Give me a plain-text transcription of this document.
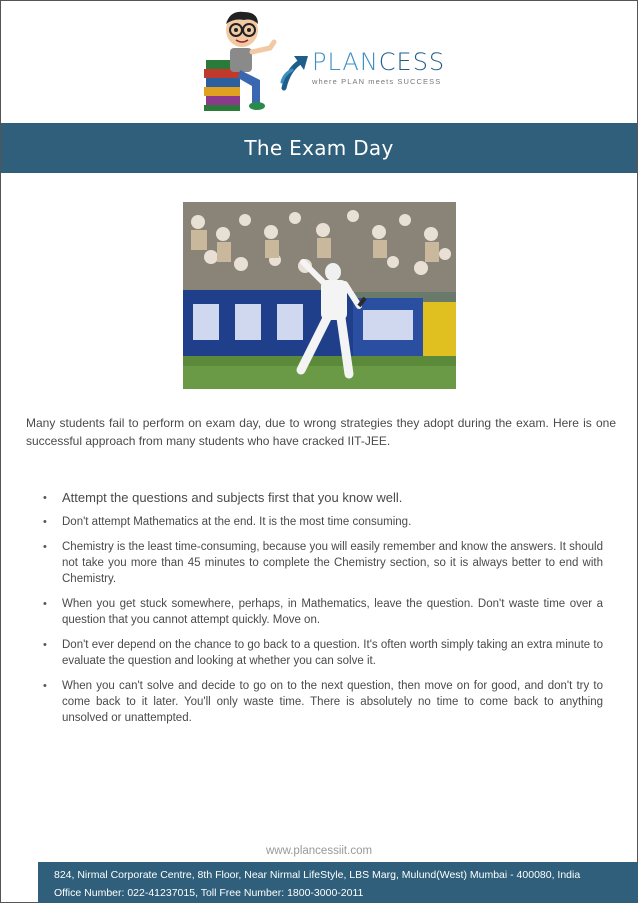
PLANCESS
where PLAN meets SUCCESS
The Exam Day

Many students fail to perform on exam day, due to wrong strategies they adopt during the exam. Here is one successful approach from many students who have cracked IIT-JEE.

• Attempt the questions and subjects first that you know well.
• Don't attempt Mathematics at the end. It is the most time consuming.
• Chemistry is the least time-consuming, because you will easily remember and know the answers. It should not take you more than 45 minutes to complete the Chemistry section, so it is always better to end with Chemistry.
• When you get stuck somewhere, perhaps, in Mathematics, leave the question. Don't waste time over a question that you cannot attempt quickly. Move on.
• Don't ever depend on the chance to go back to a question. It's often worth simply taking an extra minute to evaluate the question and looking at whether you can solve it.
• When you can't solve and decide to go on to the next question, then move on for good, and don't try to come back to it later. You'll only waste time. There is absolutely no time to come back to anything unsolved or unattempted.
www.plancessiit.com

824, Nirmal Corporate Centre, 8th Floor, Near Nirmal LifeStyle, LBS Marg, Mulund(West) Mumbai - 400080, India

Office Number: 022-41237015, Toll Free Number: 1800-3000-2011
